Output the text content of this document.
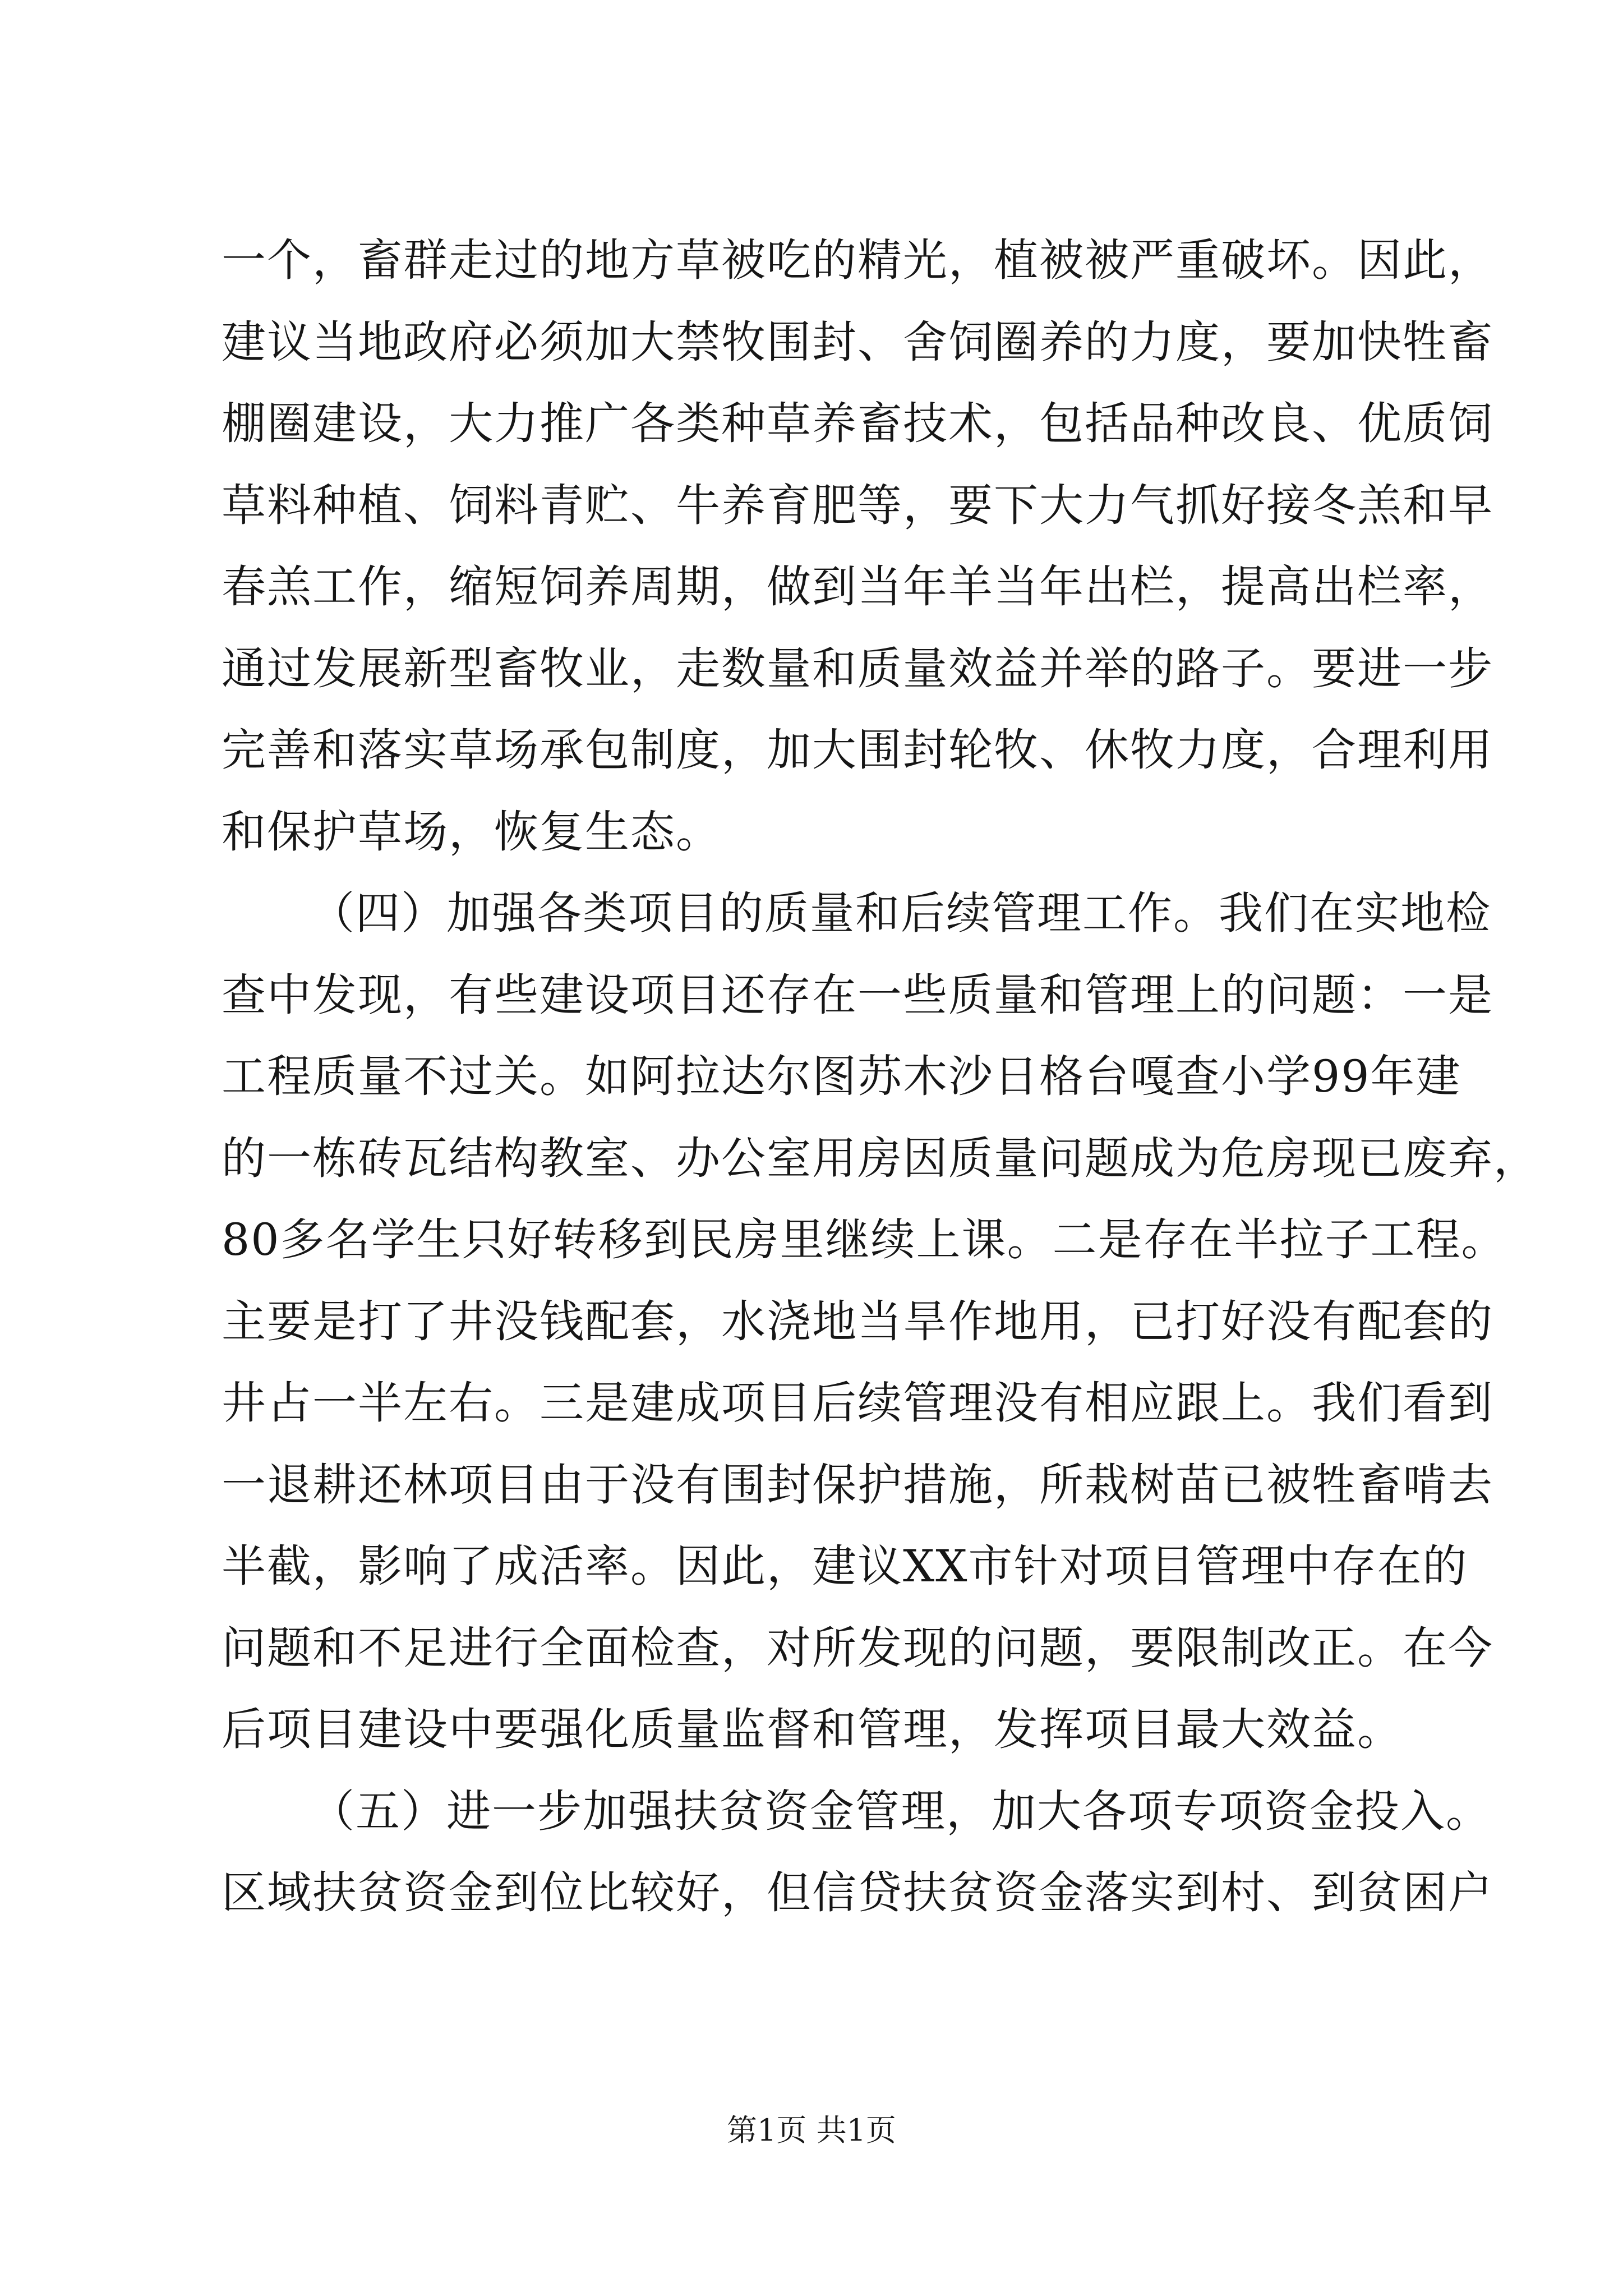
一个，畜群走过的地方草被吃的精光，植被被严重破坏。因此，
建议当地政府必须加大禁牧围封、舍饲圈养的力度，要加快牲畜
棚圈建设，大力推广各类种草养畜技术，包括品种改良、优质饲
草料种植、饲料青贮、牛养育肥等，要下大力气抓好接冬羔和早
春羔工作，缩短饲养周期，做到当年羊当年出栏，提高出栏率，
通过发展新型畜牧业，走数量和质量效益并举的路子。要进一步
完善和落实草场承包制度，加大围封轮牧、休牧力度，合理利用
和保护草场，恢复生态。
（四）加强各类项目的质量和后续管理工作。我们在实地检
查中发现，有些建设项目还存在一些质量和管理上的问题：一是
工程质量不过关。如阿拉达尔图苏木沙日格台嘎查小学99年建
的一栋砖瓦结构教室、办公室用房因质量问题成为危房现已废弃，
80多名学生只好转移到民房里继续上课。二是存在半拉子工程。
主要是打了井没钱配套，水浇地当旱作地用，已打好没有配套的
井占一半左右。三是建成项目后续管理没有相应跟上。我们看到
一退耕还林项目由于没有围封保护措施，所栽树苗已被牲畜啃去
半截，影响了成活率。因此，建议XX市针对项目管理中存在的
问题和不足进行全面检查，对所发现的问题，要限制改正。在今
后项目建设中要强化质量监督和管理，发挥项目最大效益。
（五）进一步加强扶贫资金管理，加大各项专项资金投入。
区域扶贫资金到位比较好，但信贷扶贫资金落实到村、到贫困户
第1页 共1页
